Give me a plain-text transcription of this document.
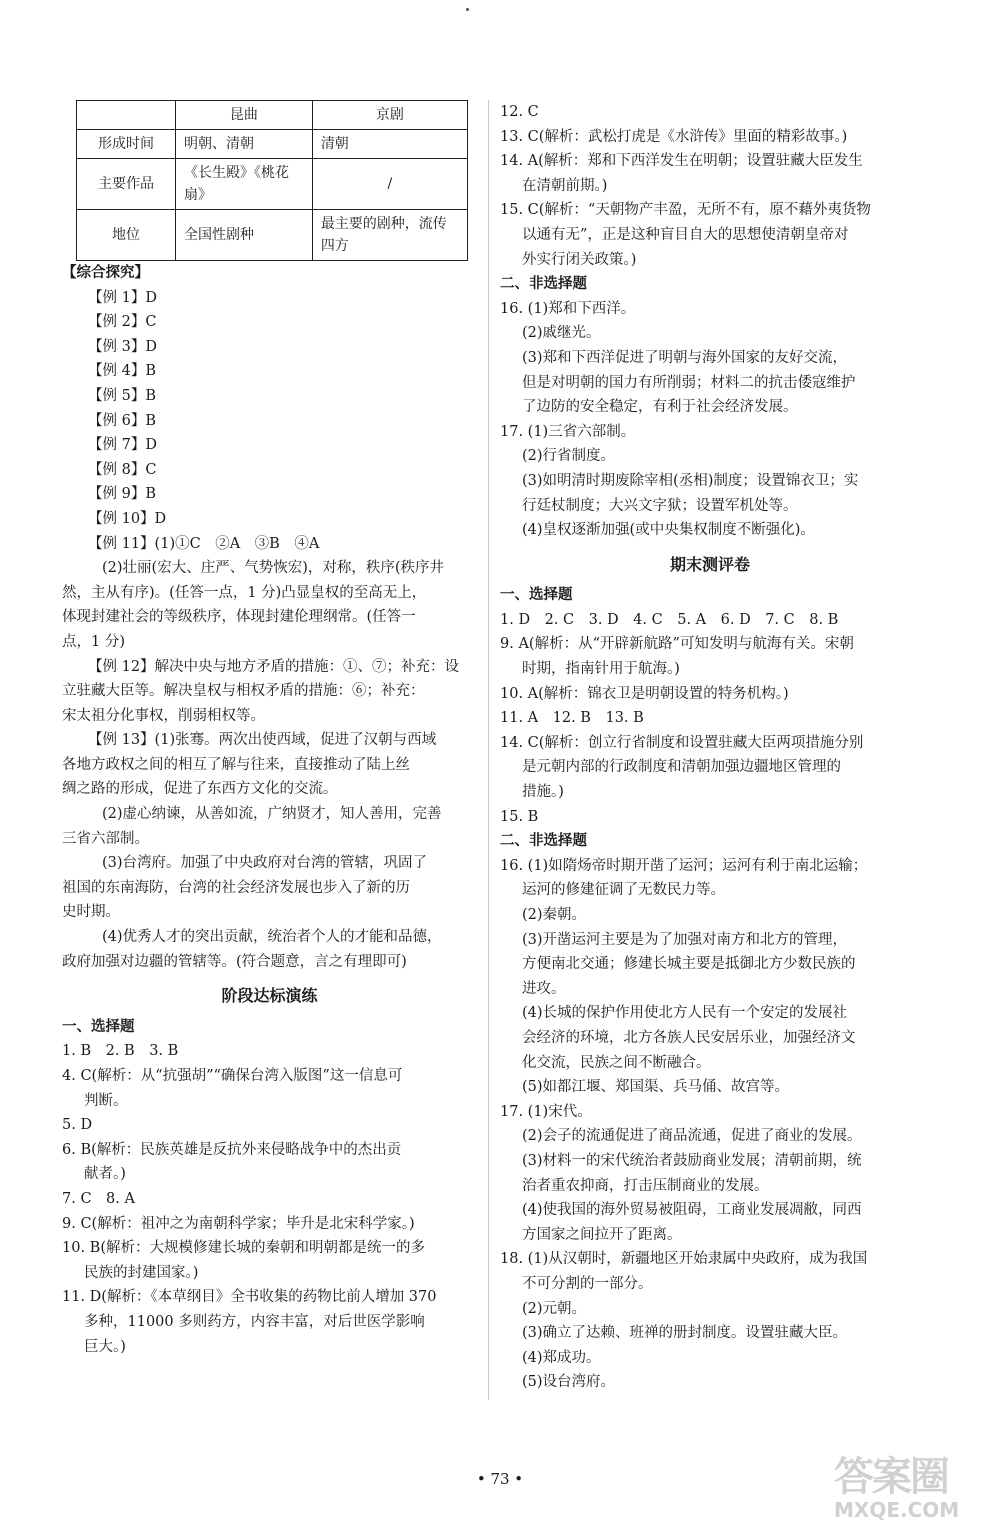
	昆曲	京剧
形成时间	明朝、清朝	清朝
主要作品	《长生殿》《桃花扇》	/
地位	全国性剧种	最主要的剧种，流传四方
【综合探究】
【例 1】D
【例 2】C
【例 3】D
【例 4】B
【例 5】B
【例 6】B
【例 7】D
【例 8】C
【例 9】B
【例 10】D
【例 11】(1)①C　②A　③B　④A
(2)壮丽(宏大、庄严、气势恢宏)，对称，秩序(秩序井
然，主从有序)。(任答一点，1 分)凸显皇权的至高无上，
体现封建社会的等级秩序，体现封建伦理纲常。(任答一
点，1 分)
【例 12】解决中央与地方矛盾的措施：①、⑦；补充：设
立驻藏大臣等。解决皇权与相权矛盾的措施：⑥；补充：
宋太祖分化事权，削弱相权等。
【例 13】(1)张骞。两次出使西域，促进了汉朝与西域
各地方政权之间的相互了解与往来，直接推动了陆上丝
绸之路的形成，促进了东西方文化的交流。
(2)虚心纳谏，从善如流，广纳贤才，知人善用，完善
三省六部制。
(3)台湾府。加强了中央政府对台湾的管辖，巩固了
祖国的东南海防，台湾的社会经济发展也步入了新的历
史时期。
(4)优秀人才的突出贡献，统治者个人的才能和品德，
政府加强对边疆的管辖等。(符合题意，言之有理即可)
阶段达标演练
一、选择题
1. B　2. B　3. B
4. C(解析：从“抗强胡”“确保台湾入版图”这一信息可
判断。
5. D
6. B(解析：民族英雄是反抗外来侵略战争中的杰出贡
献者。)
7. C　8. A
9. C(解析：祖冲之为南朝科学家；毕升是北宋科学家。)
10. B(解析：大规模修建长城的秦朝和明朝都是统一的多
民族的封建国家。)
11. D(解析：《本草纲目》全书收集的药物比前人增加 370
多种，11000 多则药方，内容丰富，对后世医学影响
巨大。)
12. C
13. C(解析：武松打虎是《水浒传》里面的精彩故事。)
14. A(解析：郑和下西洋发生在明朝；设置驻藏大臣发生
在清朝前期。)
15. C(解析：“天朝物产丰盈，无所不有，原不藉外夷货物
以通有无”，正是这种盲目自大的思想使清朝皇帝对
外实行闭关政策。)
二、非选择题
16. (1)郑和下西洋。
(2)戚继光。
(3)郑和下西洋促进了明朝与海外国家的友好交流，
但是对明朝的国力有所削弱；材料二的抗击倭寇维护
了边防的安全稳定，有利于社会经济发展。
17. (1)三省六部制。
(2)行省制度。
(3)如明清时期废除宰相(丞相)制度；设置锦衣卫；实
行廷杖制度；大兴文字狱；设置军机处等。
(4)皇权逐渐加强(或中央集权制度不断强化)。
期末测评卷
一、选择题
1. D　2. C　3. D　4. C　5. A　6. D　7. C　8. B
9. A(解析：从“开辟新航路”可知发明与航海有关。宋朝
时期，指南针用于航海。)
10. A(解析：锦衣卫是明朝设置的特务机构。)
11. A　12. B　13. B
14. C(解析：创立行省制度和设置驻藏大臣两项措施分别
是元朝内部的行政制度和清朝加强边疆地区管理的
措施。)
15. B
二、非选择题
16. (1)如隋炀帝时期开凿了运河；运河有利于南北运输；
运河的修建征调了无数民力等。
(2)秦朝。
(3)开凿运河主要是为了加强对南方和北方的管理，
方便南北交通；修建长城主要是抵御北方少数民族的
进攻。
(4)长城的保护作用使北方人民有一个安定的发展社
会经济的环境，北方各族人民安居乐业，加强经济文
化交流，民族之间不断融合。
(5)如都江堰、郑国渠、兵马俑、故宫等。
17. (1)宋代。
(2)会子的流通促进了商品流通，促进了商业的发展。
(3)材料一的宋代统治者鼓励商业发展；清朝前期，统
治者重农抑商，打击压制商业的发展。
(4)使我国的海外贸易被阻碍，工商业发展凋敝，同西
方国家之间拉开了距离。
18. (1)从汉朝时，新疆地区开始隶属中央政府，成为我国
不可分割的一部分。
(2)元朝。
(3)确立了达赖、班禅的册封制度。设置驻藏大臣。
(4)郑成功。
(5)设台湾府。
• 73 •	答案圈
MXQE.COM
